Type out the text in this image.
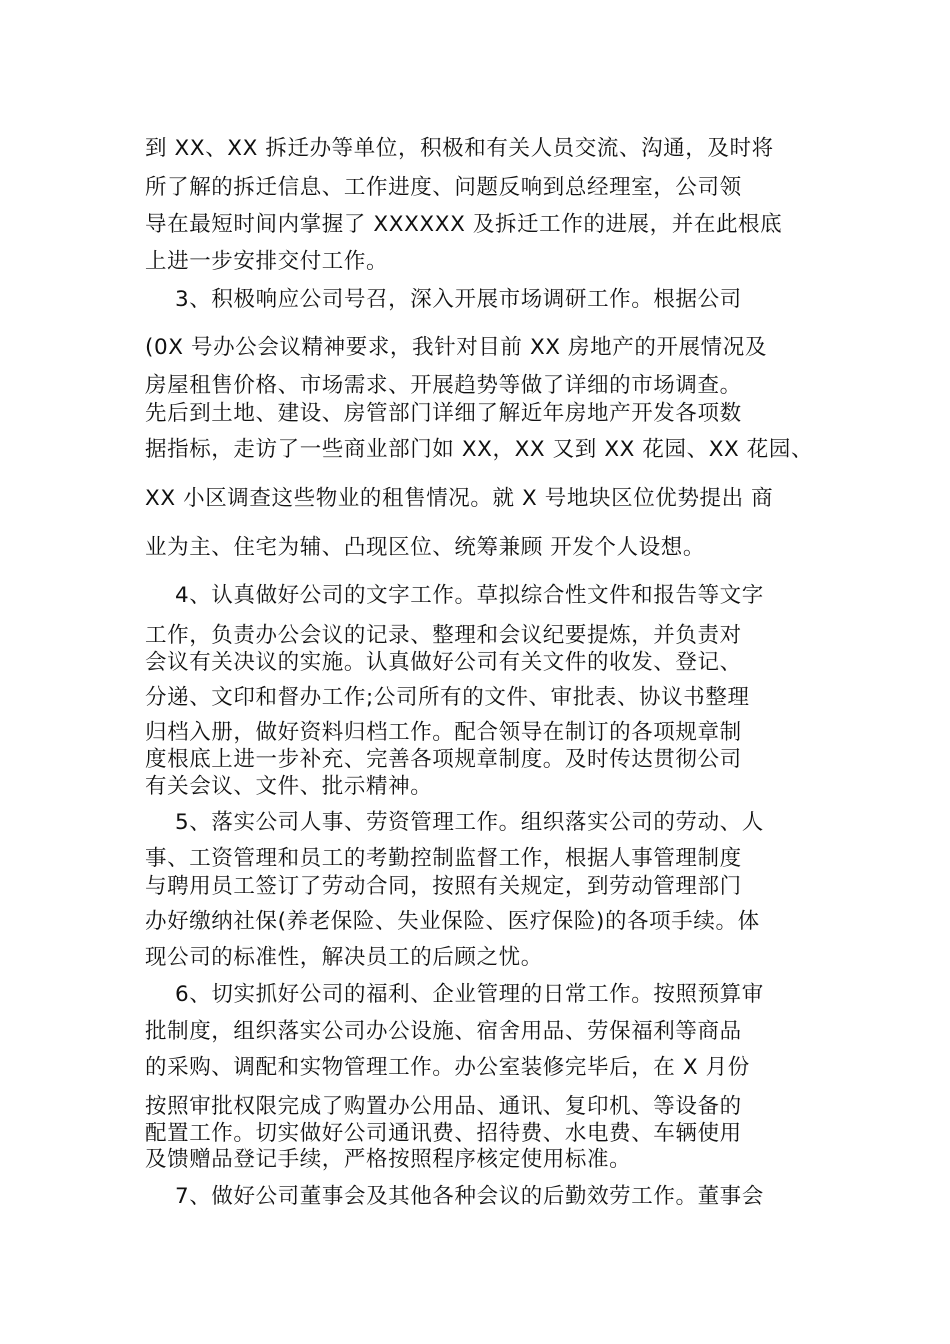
到 XX、XX 拆迁办等单位，积极和有关人员交流、沟通，及时将
所了解的拆迁信息、工作进度、问题反响到总经理室，公司领
导在最短时间内掌握了 XXXXXX 及拆迁工作的进展，并在此根底
上进一步安排交付工作。
3、积极响应公司号召，深入开展市场调研工作。根据公司
(0X 号办公会议精神要求，我针对目前 XX 房地产的开展情况及
房屋租售价格、市场需求、开展趋势等做了详细的市场调查。
先后到土地、建设、房管部门详细了解近年房地产开发各项数
据指标，走访了一些商业部门如 XX，XX 又到 XX 花园、XX 花园、
XX 小区调查这些物业的租售情况。就 X 号地块区位优势提出 商
业为主、住宅为辅、凸现区位、统筹兼顾 开发个人设想。
4、认真做好公司的文字工作。草拟综合性文件和报告等文字
工作，负责办公会议的记录、整理和会议纪要提炼，并负责对
会议有关决议的实施。认真做好公司有关文件的收发、登记、
分递、文印和督办工作;公司所有的文件、审批表、协议书整理
归档入册，做好资料归档工作。配合领导在制订的各项规章制
度根底上进一步补充、完善各项规章制度。及时传达贯彻公司
有关会议、文件、批示精神。
5、落实公司人事、劳资管理工作。组织落实公司的劳动、人
事、工资管理和员工的考勤控制监督工作，根据人事管理制度
与聘用员工签订了劳动合同，按照有关规定，到劳动管理部门
办好缴纳社保(养老保险、失业保险、医疗保险)的各项手续。体
现公司的标准性，解决员工的后顾之忧。
6、切实抓好公司的福利、企业管理的日常工作。按照预算审
批制度，组织落实公司办公设施、宿舍用品、劳保福利等商品
的采购、调配和实物管理工作。办公室装修完毕后，在 X 月份
按照审批权限完成了购置办公用品、通讯、复印机、等设备的
配置工作。切实做好公司通讯费、招待费、水电费、车辆使用
及馈赠品登记手续，严格按照程序核定使用标准。
7、做好公司董事会及其他各种会议的后勤效劳工作。董事会
